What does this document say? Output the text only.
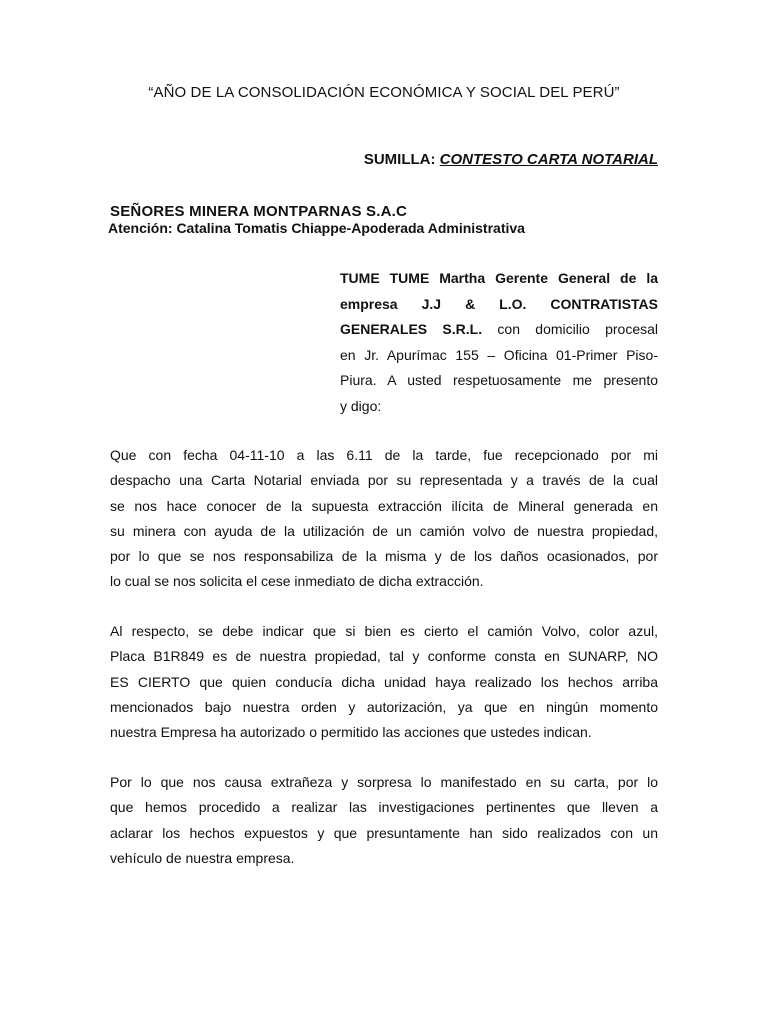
“AÑO DE LA CONSOLIDACIÓN ECONÓMICA Y SOCIAL DEL PERÚ”
SUMILLA: CONTESTO CARTA NOTARIAL
SEÑORES MINERA MONTPARNAS S.A.C
Atención: Catalina Tomatis Chiappe-Apoderada Administrativa
TUME TUME Martha Gerente General de la
empresa J.J & L.O. CONTRATISTAS
GENERALES S.R.L. con domicilio procesal
en Jr. Apurímac 155 – Oficina 01-Primer Piso-
Piura. A usted respetuosamente me presento
y digo:
Que con fecha 04-11-10 a las 6.11 de la tarde, fue recepcionado por mi
despacho una Carta Notarial enviada por su representada y a través de la cual
se nos hace conocer de la supuesta extracción ilícita de Mineral generada en
su minera con ayuda de la utilización de un camión volvo de nuestra propiedad,
por lo que se nos responsabiliza de la misma y de los daños ocasionados, por
lo cual se nos solicita el cese inmediato de dicha extracción.
Al respecto, se debe indicar que si bien es cierto el camión Volvo, color azul,
Placa B1R849 es de nuestra propiedad, tal y conforme consta en SUNARP, NO
ES CIERTO que quien conducía dicha unidad haya realizado los hechos arriba
mencionados bajo nuestra orden y autorización, ya que en ningún momento
nuestra Empresa ha autorizado o permitido las acciones que ustedes indican.
Por lo que nos causa extrañeza y sorpresa lo manifestado en su carta, por lo
que hemos procedido a realizar las investigaciones pertinentes que lleven a
aclarar los hechos expuestos y que presuntamente han sido realizados con un
vehículo de nuestra empresa.
